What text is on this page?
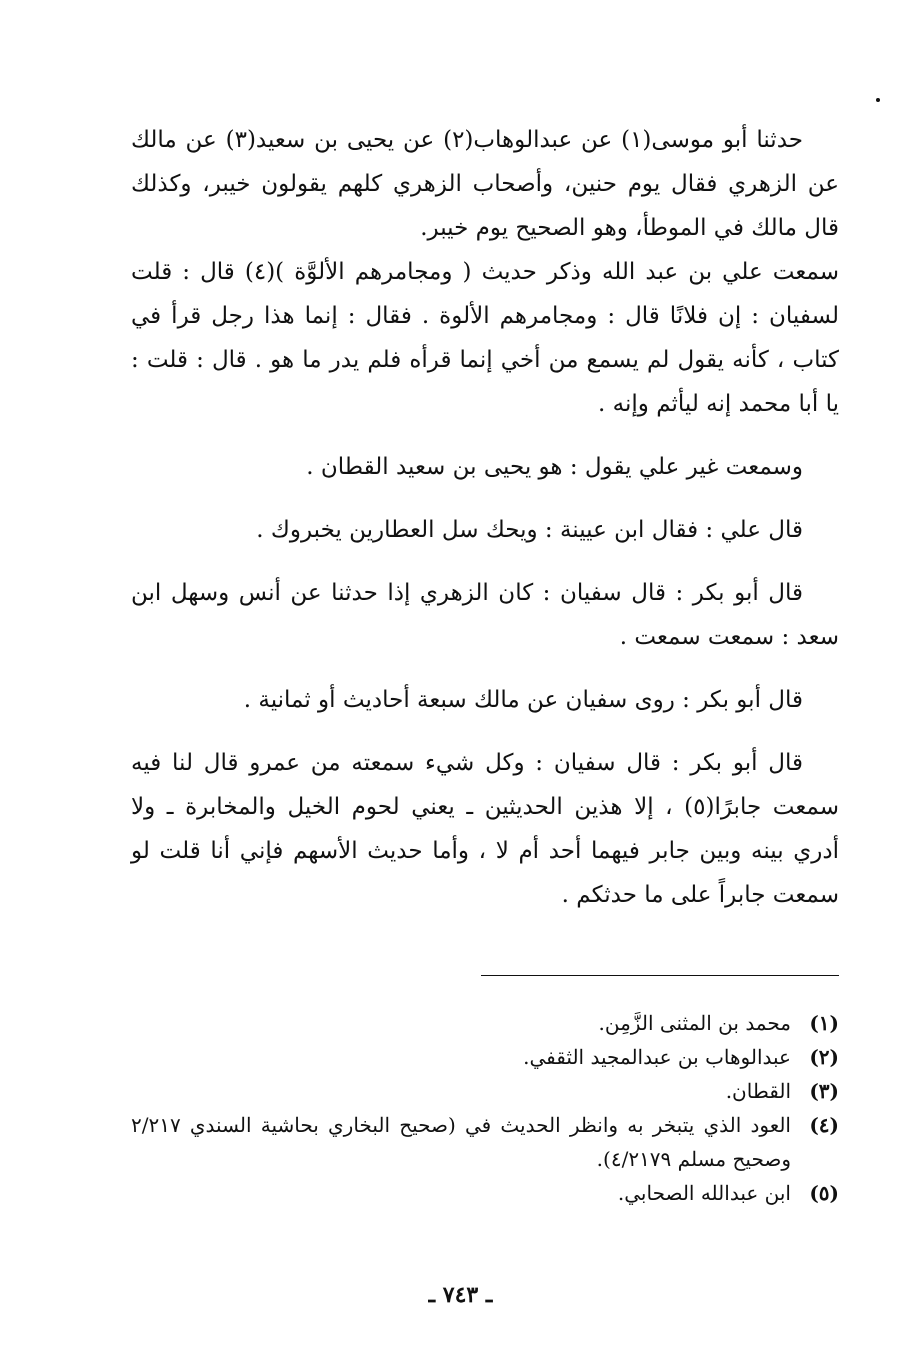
حدثنا أبو موسى(١) عن عبدالوهاب(٢) عن يحيى بن سعيد(٣) عن مالك عن الزهري فقال يوم حنين، وأصحاب الزهري كلهم يقولون خيبر، وكذلك قال مالك في الموطأ، وهو الصحيح يوم خيبر.

سمعت علي بن عبد الله وذكر حديث ( ومجامرهم الألوَّة )(٤) قال : قلت لسفيان : إن فلانًا قال : ومجامرهم الألوة . فقال : إنما هذا رجل قرأ في كتاب ، كأنه يقول لم يسمع من أخي إنما قرأه فلم يدر ما هو . قال : قلت : يا أبا محمد إنه ليأثم وإنه .

وسمعت غير علي يقول : هو يحيى بن سعيد القطان .

قال علي : فقال ابن عيينة : ويحك سل العطارين يخبروك .

قال أبو بكر : قال سفيان : كان الزهري إذا حدثنا عن أنس وسهل ابن سعد : سمعت سمعت .

قال أبو بكر : روى سفيان عن مالك سبعة أحاديث أو ثمانية .

قال أبو بكر : قال سفيان : وكل شيء سمعته من عمرو قال لنا فيه سمعت جابرًا(٥) ، إلا هذين الحديثين ـ يعني لحوم الخيل والمخابرة ـ ولا أدري بينه وبين جابر فيهما أحد أم لا ، وأما حديث الأسهم فإني أنا قلت لو سمعت جابراً على ما حدثكم .

(١)
محمد بن المثنى الزَّمِن.
(٢)
عبدالوهاب بن عبدالمجيد الثقفي.
(٣)
القطان.
(٤)
العود الذي يتبخر به وانظر الحديث في (صحيح البخاري بحاشية السندي ٢/٢١٧ وصحيح مسلم ٤/٢١٧٩).
(٥)
ابن عبدالله الصحابي.
ـ ٧٤٣ ـ
